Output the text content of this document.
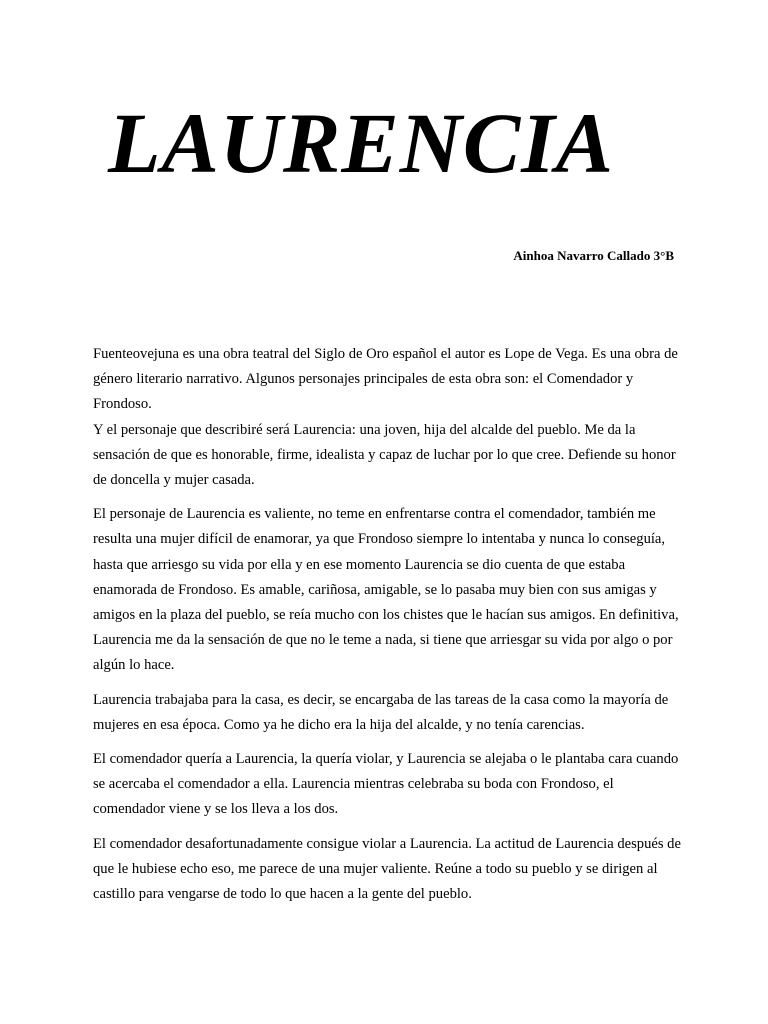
LAURENCIA
Ainhoa Navarro Callado 3°B

Fuenteovejuna es una obra teatral del Siglo de Oro español el autor es Lope de Vega. Es una obra de género literario narrativo. Algunos personajes principales de esta obra son: el Comendador y Frondoso.
Y el personaje que describiré será Laurencia: una joven, hija del alcalde del pueblo. Me da la sensación de que es honorable, firme, idealista y capaz de luchar por lo que cree. Defiende su honor de doncella y mujer casada.

El personaje de Laurencia es valiente, no teme en enfrentarse contra el comendador, también me resulta una mujer difícil de enamorar, ya que Frondoso siempre lo intentaba y nunca lo conseguía, hasta que arriesgo su vida por ella y en ese momento Laurencia se dio cuenta de que estaba enamorada de Frondoso. Es amable, cariñosa, amigable, se lo pasaba muy bien con sus amigas y amigos en la plaza del pueblo, se reía mucho con los chistes que le hacían sus amigos. En definitiva, Laurencia me da la sensación de que no le teme a nada, si tiene que arriesgar su vida por algo o por algún lo hace.

Laurencia trabajaba para la casa, es decir, se encargaba de las tareas de la casa como la mayoría de mujeres en esa época. Como ya he dicho era la hija del alcalde, y no tenía carencias.

El comendador quería a Laurencia, la quería violar, y Laurencia se alejaba o le plantaba cara cuando se acercaba el comendador a ella. Laurencia mientras celebraba su boda con Frondoso, el comendador viene y se los lleva a los dos.

El comendador desafortunadamente consigue violar a Laurencia. La actitud de Laurencia después de que le hubiese echo eso, me parece de una mujer valiente. Reúne a todo su pueblo y se dirigen al castillo para vengarse de todo lo que hacen a la gente del pueblo.
